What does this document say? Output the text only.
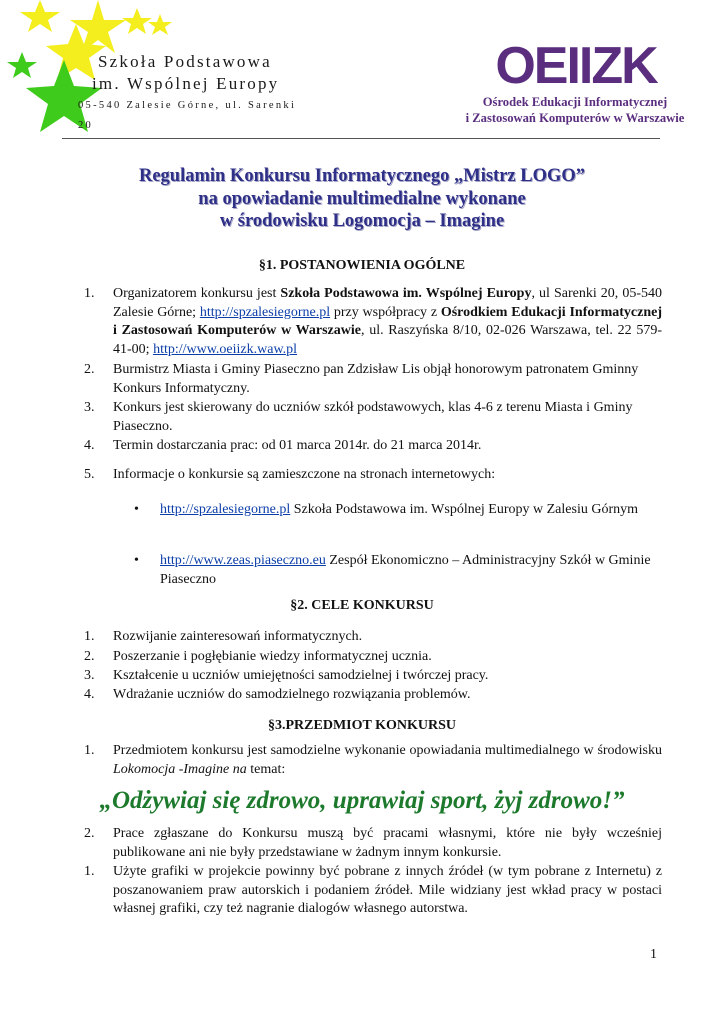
Szkoła Podstawowa
im. Wspólnej Europy
05-540 Zalesie Górne, ul. Sarenki 20
OEIIZK
Ośrodek Edukacji Informatycznej
i Zastosowań Komputerów w Warszawie
Regulamin Konkursu Informatycznego „Mistrz LOGO”
na opowiadanie multimedialne wykonane
w środowisku Logomocja – Imagine
§1. POSTANOWIENIA OGÓLNE
1. Organizatorem konkursu jest Szkoła Podstawowa im. Wspólnej Europy, ul Sarenki 20, 05-540 Zalesie Górne; http://spzalesiegorne.pl przy współpracy z Ośrodkiem Edukacji Informatycznej i Zastosowań Komputerów w Warszawie, ul. Raszyńska 8/10, 02-026 Warszawa, tel. 22 579-41-00; http://www.oeiizk.waw.pl
2. Burmistrz Miasta i Gminy Piaseczno pan Zdzisław Lis objął honorowym patronatem Gminny Konkurs Informatyczny.
3. Konkurs jest skierowany do uczniów szkół podstawowych, klas 4-6 z terenu Miasta i Gminy Piaseczno.
4. Termin dostarczania prac: od 01 marca 2014r. do 21 marca 2014r.
5. Informacje o konkursie są zamieszczone na stronach internetowych:
• http://spzalesiegorne.pl Szkoła Podstawowa im. Wspólnej Europy w Zalesiu Górnym
• http://www.zeas.piaseczno.eu Zespół Ekonomiczno – Administracyjny Szkół w Gminie Piaseczno
§2. CELE KONKURSU
1. Rozwijanie zainteresowań informatycznych.
2. Poszerzanie i pogłębianie wiedzy informatycznej ucznia.
3. Kształcenie u uczniów umiejętności samodzielnej i twórczej pracy.
4. Wdrażanie uczniów do samodzielnego rozwiązania problemów.
§3.PRZEDMIOT KONKURSU
1. Przedmiotem konkursu jest samodzielne wykonanie opowiadania multimedialnego w środowisku Lokomocja -Imagine na temat:
„Odżywiaj się zdrowo, uprawiaj sport, żyj zdrowo!”
2. Prace zgłaszane do Konkursu muszą być pracami własnymi, które nie były wcześniej publikowane ani nie były przedstawiane w żadnym innym konkursie.
1. Użyte grafiki w projekcie powinny być pobrane z innych źródeł (w tym pobrane z Internetu) z poszanowaniem praw autorskich i podaniem źródeł. Mile widziany jest wkład pracy w postaci własnej grafiki, czy też nagranie dialogów własnego autorstwa.
1
